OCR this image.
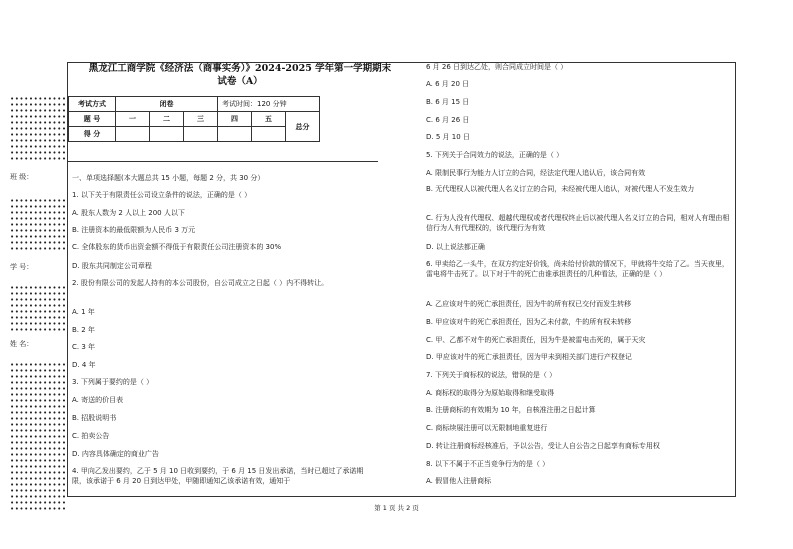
••••••••••••
••••••••••••
••••••••••••
••••••••••••
••••••••••••
••••••••••••
••••••••••••
••••••••••••
••••••••••••
••••••••••••
••••••••••••
班 级：
••••••••••••
••••••••••••
••••••••••••
••••••••••••
••••••••••••
••••••••••••
••••••••••••
••••••••••••
••••••••••••
学 号：
••••••••••••
••••••••••••
••••••••••••
••••••••••••
••••••••••••
••••••••••••
••••••••••••
••••••••••••
姓 名：
••••••••••••
••••••••••••
••••••••••••
••••••••••••
••••••••••••
••••••••••••
••••••••••••
••••••••••••
••••••••••••
••••••••••••
••••••••••••
••••••••••••
••••••••••••
••••••••••••
••••••••••••
••••••••••••
••••••••••••
••••••••••••
••••••••••••
••••••••••••
••••••••••••
••••••••••••
••••••••••••
••••••••••••
••••••••••••
黑龙江工商学院《经济法（商事实务）》2024-2025 学年第一学期期末
试卷（A）
考试方式	闭卷			考试时间：120 分钟		
题 号	一	二	三	四	五	总分
得 分						
一、单项选择题(本大题总共 15 小题，每题 2 分，共 30 分）
1. 以下关于有限责任公司设立条件的说法，正确的是（ ）
A. 股东人数为 2 人以上 200 人以下
B. 注册资本的最低限额为人民币 3 万元
C. 全体股东的货币出资金额不得低于有限责任公司注册资本的 30%
D. 股东共同制定公司章程
2. 股份有限公司的发起人持有的本公司股份，自公司成立之日起（ ）内不得转让。
A. 1 年
B. 2 年
C. 3 年
D. 4 年
3. 下列属于要约的是（ ）
A. 寄送的价目表
B. 招股说明书
C. 拍卖公告
D. 内容具体确定的商业广告
4. 甲向乙发出要约，乙于 5 月 10 日收到要约，于 6 月 15 日发出承诺，当时已超过了承诺期限，该承诺于 6 月 20 日到达甲处，甲随即通知乙该承诺有效，通知于
6 月 26 日到达乙处，则合同成立时间是（ ）
A. 6 月 20 日
B. 6 月 15 日
C. 6 月 26 日
D. 5 月 10 日
5. 下列关于合同效力的说法，正确的是（ ）
A. 限制民事行为能力人订立的合同，经法定代理人追认后，该合同有效
B. 无代理权人以被代理人名义订立的合同，未经被代理人追认，对被代理人不发生效力
C. 行为人没有代理权、超越代理权或者代理权终止后以被代理人名义订立的合同，相对人有理由相信行为人有代理权的，该代理行为有效
D. 以上说法都正确
6. 甲卖给乙一头牛，在双方约定好价钱，尚未给付价款的情况下，甲就将牛交给了乙。当天夜里，雷电将牛击死了。以下对于牛的死亡由谁承担责任的几种看法，正确的是（ ）
A. 乙应该对牛的死亡承担责任，因为牛的所有权已交付而发生转移
B. 甲应该对牛的死亡承担责任，因为乙未付款，牛的所有权未转移
C. 甲、乙都不对牛的死亡承担责任，因为牛是被雷电击死的，属于天灾
D. 甲应该对牛的死亡承担责任，因为甲未到相关部门进行产权登记
7. 下列关于商标权的说法，错误的是（ ）
A. 商标权的取得分为原始取得和继受取得
B. 注册商标的有效期为 10 年，自核准注册之日起计算
C. 商标续展注册可以无限制地重复进行
D. 转让注册商标经核准后，予以公告，受让人自公告之日起享有商标专用权
8. 以下不属于不正当竞争行为的是（ ）
A. 假冒他人注册商标
第 1 页 共 2 页
